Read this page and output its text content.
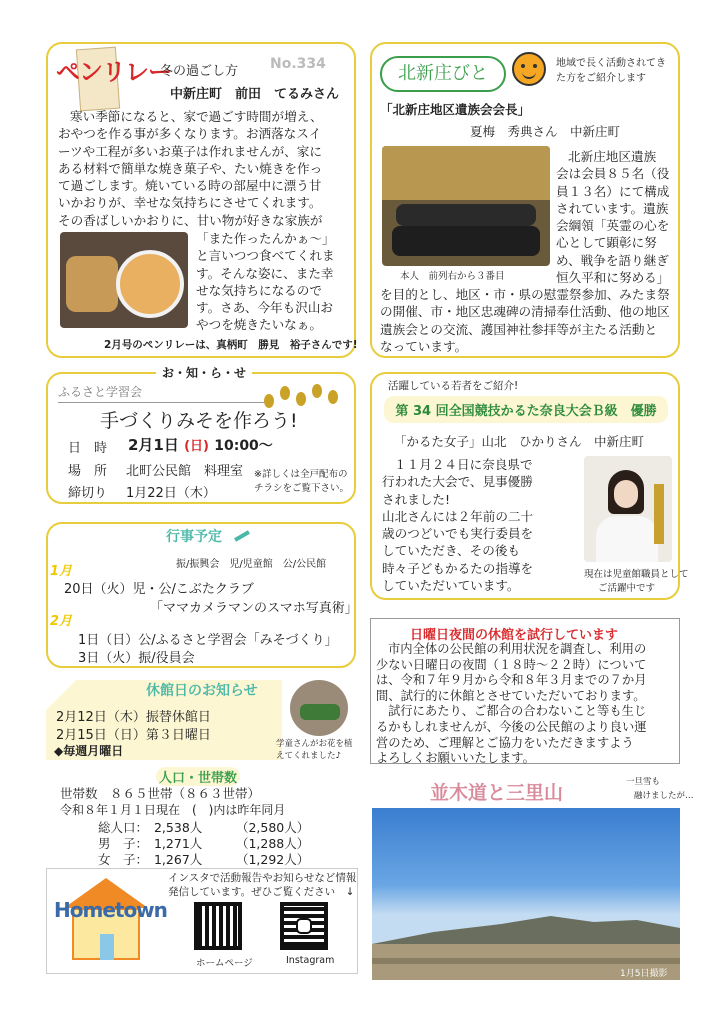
ペンリレー
冬の過ごし方 No.334
中新庄町　前田　てるみさん
寒い季節になると、家で過ごす時間が増え、
おやつを作る事が多くなります。お洒落なスイ
ーツや工程が多いお菓子は作れませんが、家に
ある材料で簡単な焼き菓子や、たい焼きを作っ
て過ごします。焼いている時の部屋中に漂う甘
いかおりが、幸せな気持ちにさせてくれます。
その香ばしいかおりに、甘い物が好きな家族が
「また作ったんかぁ～」
と言いつつ食べてくれま
す。そんな姿に、また幸
せな気持ちになるので
す。さあ、今年も沢山お
やつを焼きたいなぁ。
2月号のペンリレーは、真柄町　勝見　裕子さんです!
北新庄びと	地域で長く活動されてきた方をご紹介します
「北新庄地区遺族会会長」
夏梅　秀典さん　中新庄町
本人　前列右から３番目
北新庄地区遺族
会は会員８５名（役
員１３名）にて構成
されています。遺族
会綱領「英霊の心を
心として顕彰に努
め、戦争を語り継ぎ
恒久平和に努める」
を目的とし、地区・市・県の慰霊祭参加、みたま祭
の開催、市・地区忠魂碑の清掃奉仕活動、他の地区
遺族会との交流、護国神社参拝等が主たる活動と
なっています。
お・知・ら・せ
ふるさと学習会
手づくりみそを作ろう!
日　時 2月1日 (日) 10:00～
場　所 北町公民館　料理室
締切り 1月22日（木）
※詳しくは全戸配布のチラシをご覧下さい。
行事予定
振/振興会　児/児童館　公/公民館
1月
20日（火）児・公/こぶたクラブ
「ママカメラマンのスマホ写真術」
2月
1日（日）公/ふるさと学習会「みそづくり」
3日（火）振/役員会
休館日のお知らせ
2月12日（木）振替休館日
2月15日（日）第３日曜日
◆毎週月曜日	学童さんがお花を植えてくれました♪
人口・世帯数
世帯数　８６５世帯（８６３世帯）
令和８年１月１日現在　(　)内は昨年同月
総人口： 2,538人	（2,580人）
男　子： 1,271人	（1,288人）
女　子： 1,267人	（1,292人）
Hometown
インスタで活動報告やお知らせなど情報
発信しています。ぜひご覧ください　↓
ホームページ	Instagram
活躍している若者をご紹介!
第 34 回全国競技かるた奈良大会Ｂ級　優勝
「かるた女子」山北　ひかりさん　中新庄町
１１月２４日に奈良県で
行われた大会で、見事優勝
されました!
山北さんには２年前の二十
歳のつどいでも実行委員を
していただき、その後も
時々子どもかるたの指導を
していただいています。
現在は児童館職員として
ご活躍中です
日曜日夜間の休館を試行しています
市内全体の公民館の利用状況を調査し、利用の
少ない日曜日の夜間（１８時～２２時）について
は、令和７年９月から令和８年３月までの７か月
間、試行的に休館とさせていただいております。
試行にあたり、ご都合の合わないこと等も生じ
るかもしれませんが、今後の公民館のより良い運
営のため、ご理解とご協力をいただきますよう
よろしくお願いいたします。
並木道と三里山	一旦雪も
融けましたが…
1月5日撮影
